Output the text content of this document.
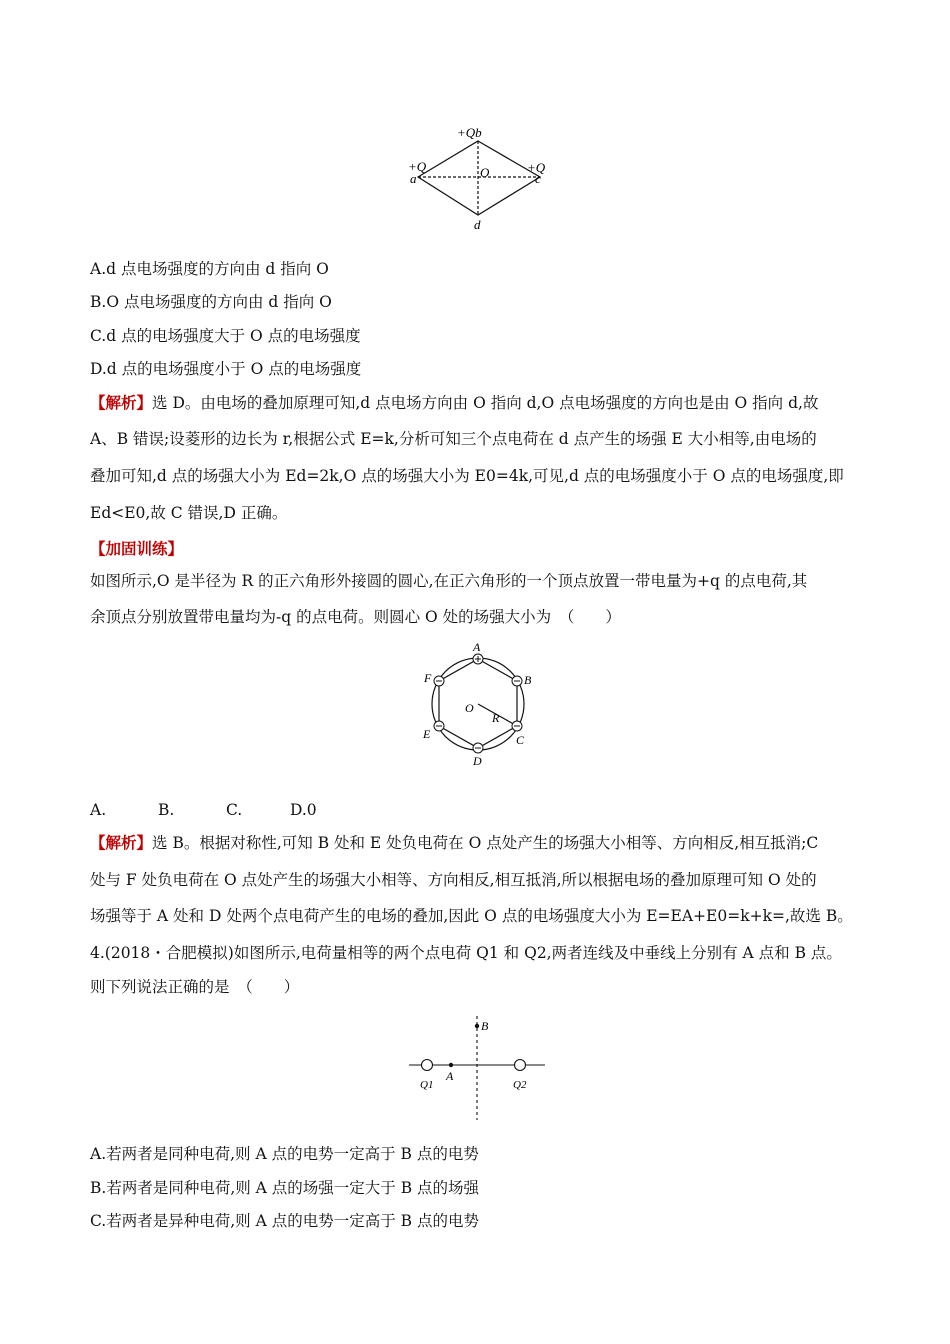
+Qb
+Q
a
+Q
c
O
d
A.d 点电场强度的方向由 d 指向 O
B.O 点电场强度的方向由 d 指向 O
C.d 点的电场强度大于 O 点的电场强度
D.d 点的电场强度小于 O 点的电场强度
【解析】选 D。由电场的叠加原理可知,d 点电场方向由 O 指向 d,O 点电场强度的方向也是由 O 指向 d,故
A、B 错误;设菱形的边长为 r,根据公式 E=k,分析可知三个点电荷在 d 点产生的场强 E 大小相等,由电场的
叠加可知,d 点的场强大小为 Ed=2k,O 点的场强大小为 E0=4k,可见,d 点的电场强度小于 O 点的电场强度,即
Ed<E0,故 C 错误,D 正确。
【加固训练】
如图所示,O 是半径为 R 的正六角形外接圆的圆心,在正六角形的一个顶点放置一带电量为+q 的点电荷,其
余顶点分别放置带电量均为-q 的点电荷。则圆心 O 处的场强大小为　（　　）
A
B
C
D
E
F
O
R
A.	B.	C.	D.0
【解析】选 B。根据对称性,可知 B 处和 E 处负电荷在 O 点处产生的场强大小相等、方向相反,相互抵消;C
处与 F 处负电荷在 O 点处产生的场强大小相等、方向相反,相互抵消,所以根据电场的叠加原理可知 O 处的
场强等于 A 处和 D 处两个点电荷产生的电场的叠加,因此 O 点的电场强度大小为 E=EA+E0=k+k=,故选 B。
4.(2018・合肥模拟)如图所示,电荷量相等的两个点电荷 Q1 和 Q2,两者连线及中垂线上分别有 A 点和 B 点。
则下列说法正确的是　（　　）
B
A
Q1	Q2
A.若两者是同种电荷,则 A 点的电势一定高于 B 点的电势
B.若两者是同种电荷,则 A 点的场强一定大于 B 点的场强
C.若两者是异种电荷,则 A 点的电势一定高于 B 点的电势
